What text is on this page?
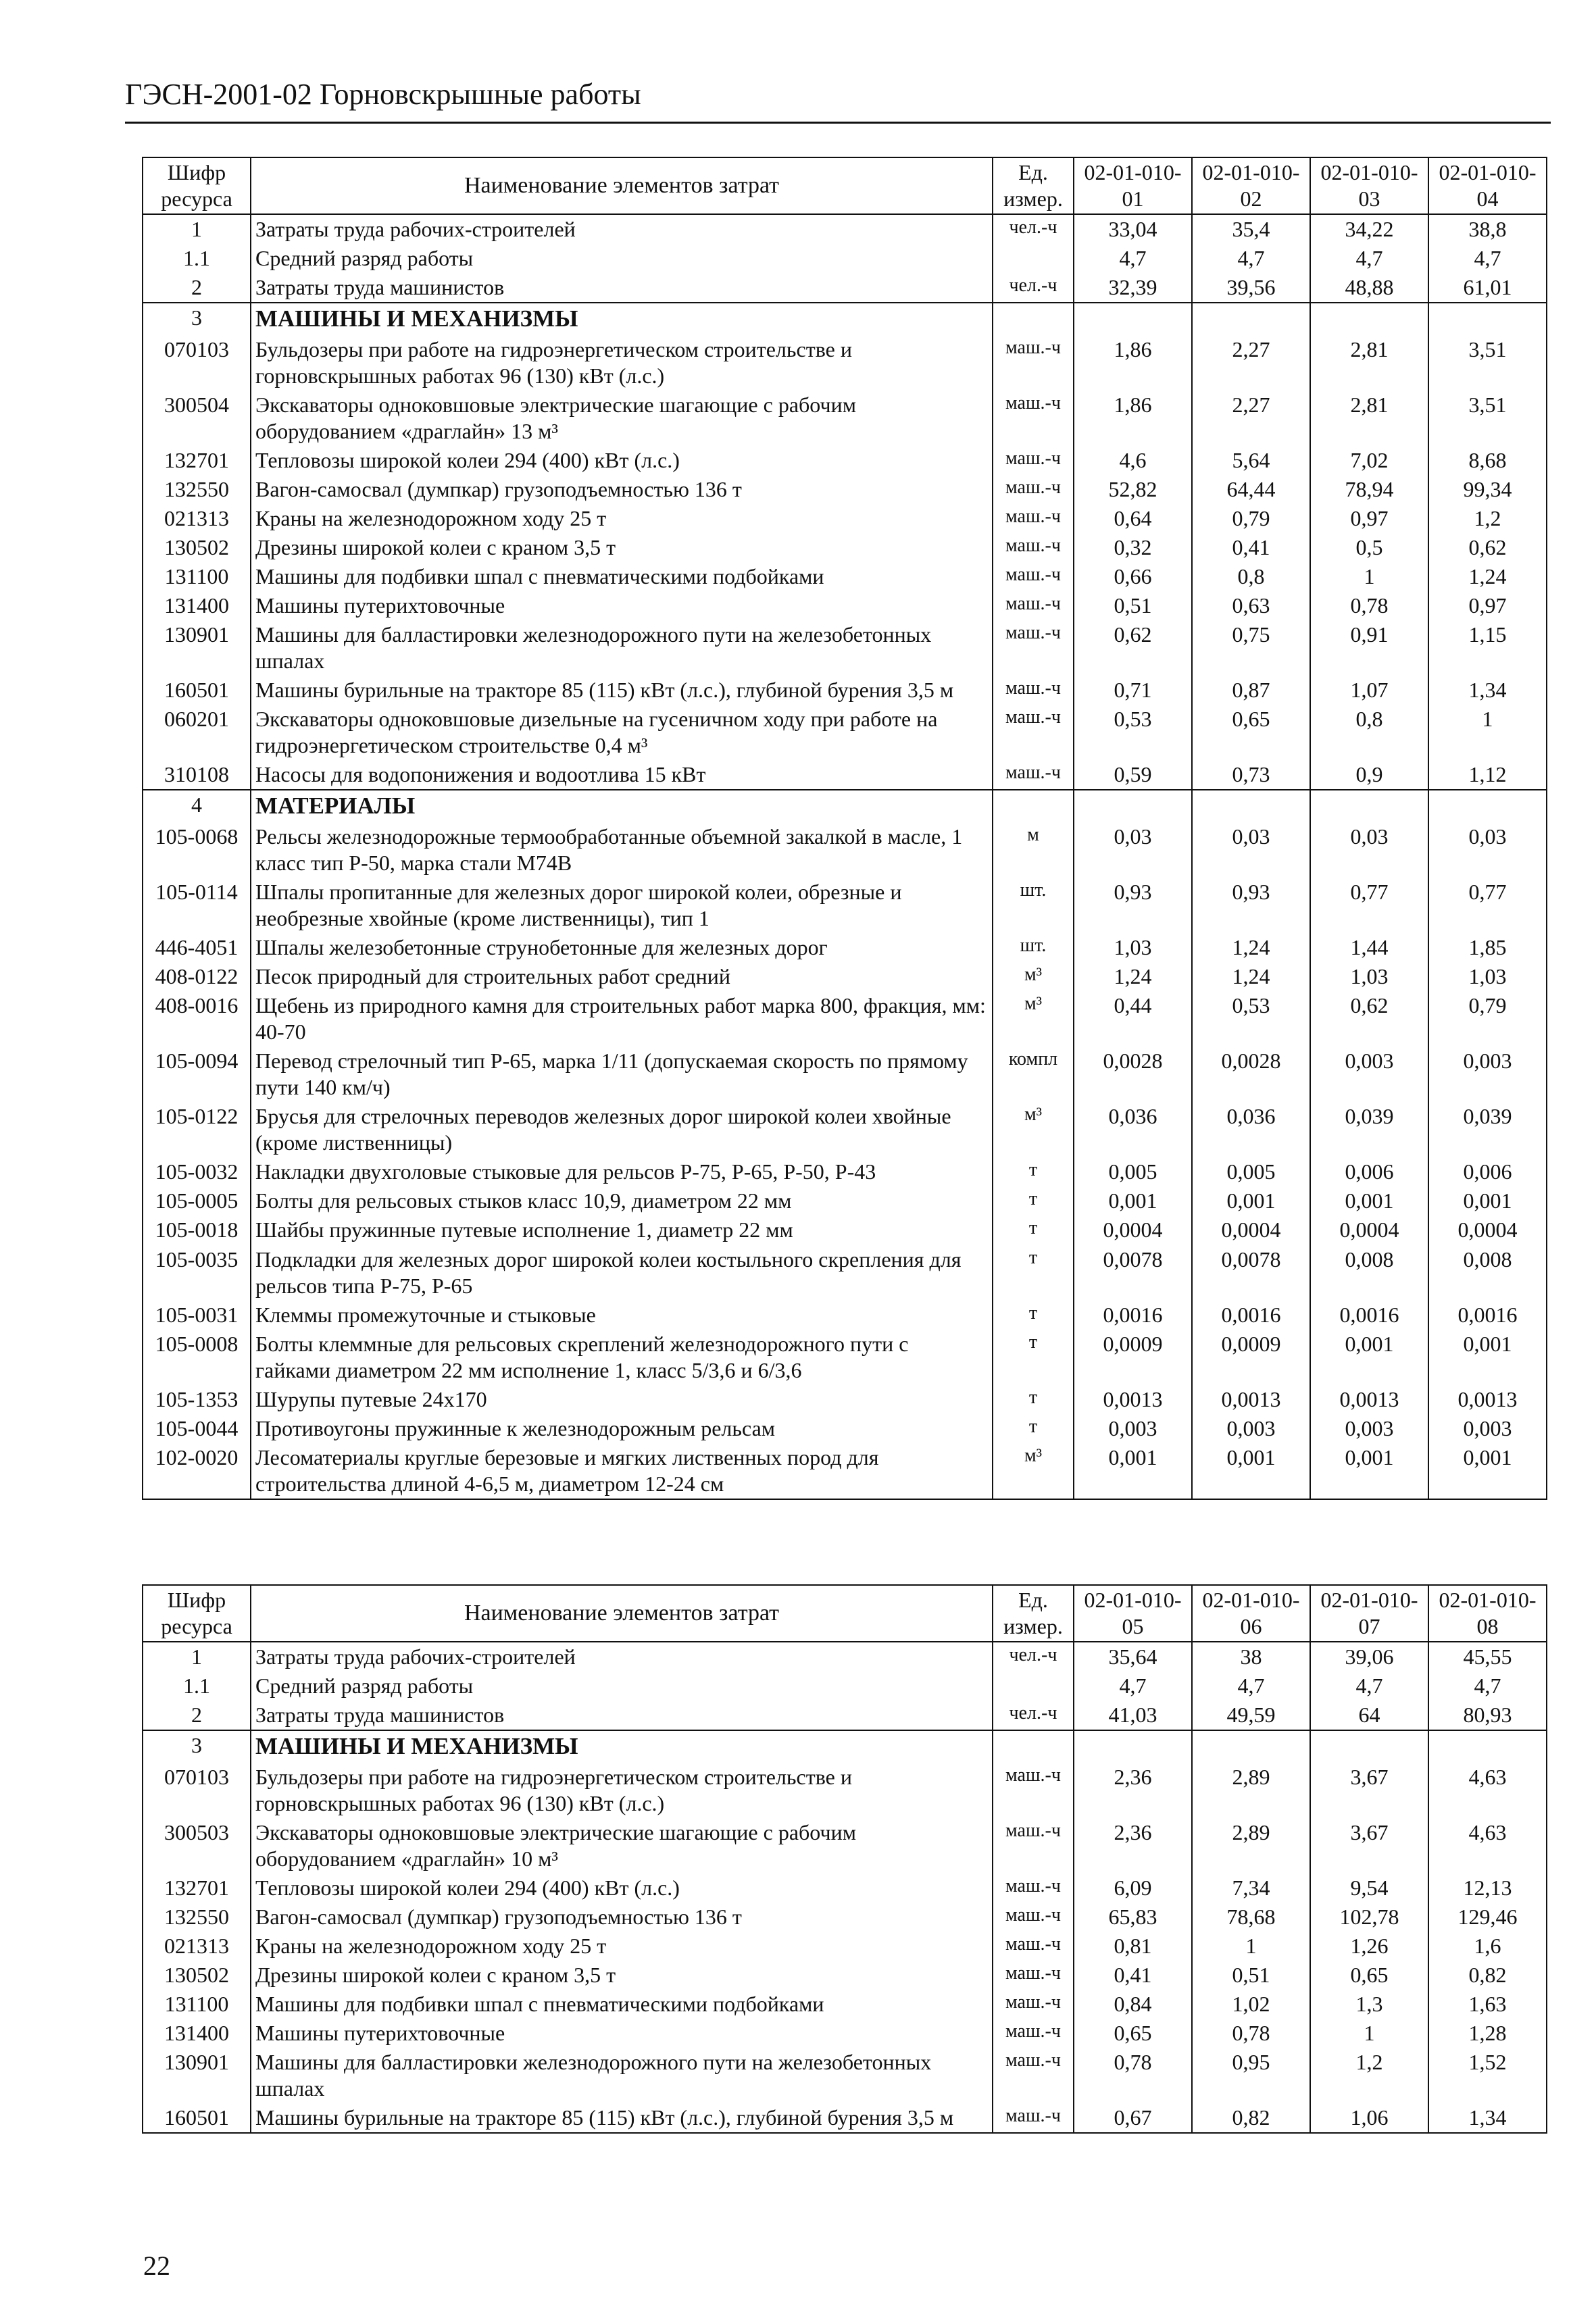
ГЭСН-2001-02 Горновскрышные работы
Шифр ресурса	Наименование элементов затрат	Ед. измер.	02-01-010-01	02-01-010-02	02-01-010-03	02-01-010-04
1	Затраты труда рабочих-строителей	чел.-ч	33,04	35,4	34,22	38,8
1.1	Средний разряд работы		4,7	4,7	4,7	4,7
2	Затраты труда машинистов	чел.-ч	32,39	39,56	48,88	61,01
3	МАШИНЫ И МЕХАНИЗМЫ					
070103	Бульдозеры при работе на гидроэнергетическом строительстве и горновскрышных работах 96 (130) кВт (л.с.)	маш.-ч	1,86	2,27	2,81	3,51
300504	Экскаваторы одноковшовые электрические шагающие с рабочим оборудованием «драглайн» 13 м³	маш.-ч	1,86	2,27	2,81	3,51
132701	Тепловозы широкой колеи 294 (400) кВт (л.с.)	маш.-ч	4,6	5,64	7,02	8,68
132550	Вагон-самосвал (думпкар) грузоподъемностью 136 т	маш.-ч	52,82	64,44	78,94	99,34
021313	Краны на железнодорожном ходу 25 т	маш.-ч	0,64	0,79	0,97	1,2
130502	Дрезины широкой колеи с краном 3,5 т	маш.-ч	0,32	0,41	0,5	0,62
131100	Машины для подбивки шпал с пневматическими подбойками	маш.-ч	0,66	0,8	1	1,24
131400	Машины путерихтовочные	маш.-ч	0,51	0,63	0,78	0,97
130901	Машины для балластировки железнодорожного пути на железобетонных шпалах	маш.-ч	0,62	0,75	0,91	1,15
160501	Машины бурильные на тракторе 85 (115) кВт (л.с.), глубиной бурения 3,5 м	маш.-ч	0,71	0,87	1,07	1,34
060201	Экскаваторы одноковшовые дизельные на гусеничном ходу при работе на гидроэнергетическом строительстве 0,4 м³	маш.-ч	0,53	0,65	0,8	1
310108	Насосы для водопонижения и водоотлива 15 кВт	маш.-ч	0,59	0,73	0,9	1,12
4	МАТЕРИАЛЫ					
105-0068	Рельсы железнодорожные термообработанные объемной закалкой в масле, 1 класс тип Р-50, марка стали М74В	м	0,03	0,03	0,03	0,03
105-0114	Шпалы пропитанные для железных дорог широкой колеи, обрезные и необрезные хвойные (кроме лиственницы), тип 1	шт.	0,93	0,93	0,77	0,77
446-4051	Шпалы железобетонные струнобетонные для железных дорог	шт.	1,03	1,24	1,44	1,85
408-0122	Песок природный для строительных работ средний	м³	1,24	1,24	1,03	1,03
408-0016	Щебень из природного камня для строительных работ марка 800, фракция, мм: 40-70	м³	0,44	0,53	0,62	0,79
105-0094	Перевод стрелочный тип Р-65, марка 1/11 (допускаемая скорость по прямому пути 140 км/ч)	компл	0,0028	0,0028	0,003	0,003
105-0122	Брусья для стрелочных переводов железных дорог широкой колеи хвойные (кроме лиственницы)	м³	0,036	0,036	0,039	0,039
105-0032	Накладки двухголовые стыковые для рельсов Р-75, Р-65, Р-50, Р-43	т	0,005	0,005	0,006	0,006
105-0005	Болты для рельсовых стыков класс 10,9, диаметром 22 мм	т	0,001	0,001	0,001	0,001
105-0018	Шайбы пружинные путевые исполнение 1, диаметр 22 мм	т	0,0004	0,0004	0,0004	0,0004
105-0035	Подкладки для железных дорог широкой колеи костыльного скрепления для рельсов типа Р-75, Р-65	т	0,0078	0,0078	0,008	0,008
105-0031	Клеммы промежуточные и стыковые	т	0,0016	0,0016	0,0016	0,0016
105-0008	Болты клеммные для рельсовых скреплений железнодорожного пути с гайками диаметром 22 мм исполнение 1, класс 5/3,6 и 6/3,6	т	0,0009	0,0009	0,001	0,001
105-1353	Шурупы путевые 24х170	т	0,0013	0,0013	0,0013	0,0013
105-0044	Противоугоны пружинные к железнодорожным рельсам	т	0,003	0,003	0,003	0,003
102-0020	Лесоматериалы круглые березовые и мягких лиственных пород для строительства длиной 4-6,5 м, диаметром 12-24 см	м³	0,001	0,001	0,001	0,001
Шифр ресурса	Наименование элементов затрат	Ед. измер.	02-01-010-05	02-01-010-06	02-01-010-07	02-01-010-08
1	Затраты труда рабочих-строителей	чел.-ч	35,64	38	39,06	45,55
1.1	Средний разряд работы		4,7	4,7	4,7	4,7
2	Затраты труда машинистов	чел.-ч	41,03	49,59	64	80,93
3	МАШИНЫ И МЕХАНИЗМЫ					
070103	Бульдозеры при работе на гидроэнергетическом строительстве и горновскрышных работах 96 (130) кВт (л.с.)	маш.-ч	2,36	2,89	3,67	4,63
300503	Экскаваторы одноковшовые электрические шагающие с рабочим оборудованием «драглайн» 10 м³	маш.-ч	2,36	2,89	3,67	4,63
132701	Тепловозы широкой колеи 294 (400) кВт (л.с.)	маш.-ч	6,09	7,34	9,54	12,13
132550	Вагон-самосвал (думпкар) грузоподъемностью 136 т	маш.-ч	65,83	78,68	102,78	129,46
021313	Краны на железнодорожном ходу 25 т	маш.-ч	0,81	1	1,26	1,6
130502	Дрезины широкой колеи с краном 3,5 т	маш.-ч	0,41	0,51	0,65	0,82
131100	Машины для подбивки шпал с пневматическими подбойками	маш.-ч	0,84	1,02	1,3	1,63
131400	Машины путерихтовочные	маш.-ч	0,65	0,78	1	1,28
130901	Машины для балластировки железнодорожного пути на железобетонных шпалах	маш.-ч	0,78	0,95	1,2	1,52
160501	Машины бурильные на тракторе 85 (115) кВт (л.с.), глубиной бурения 3,5 м	маш.-ч	0,67	0,82	1,06	1,34
22
